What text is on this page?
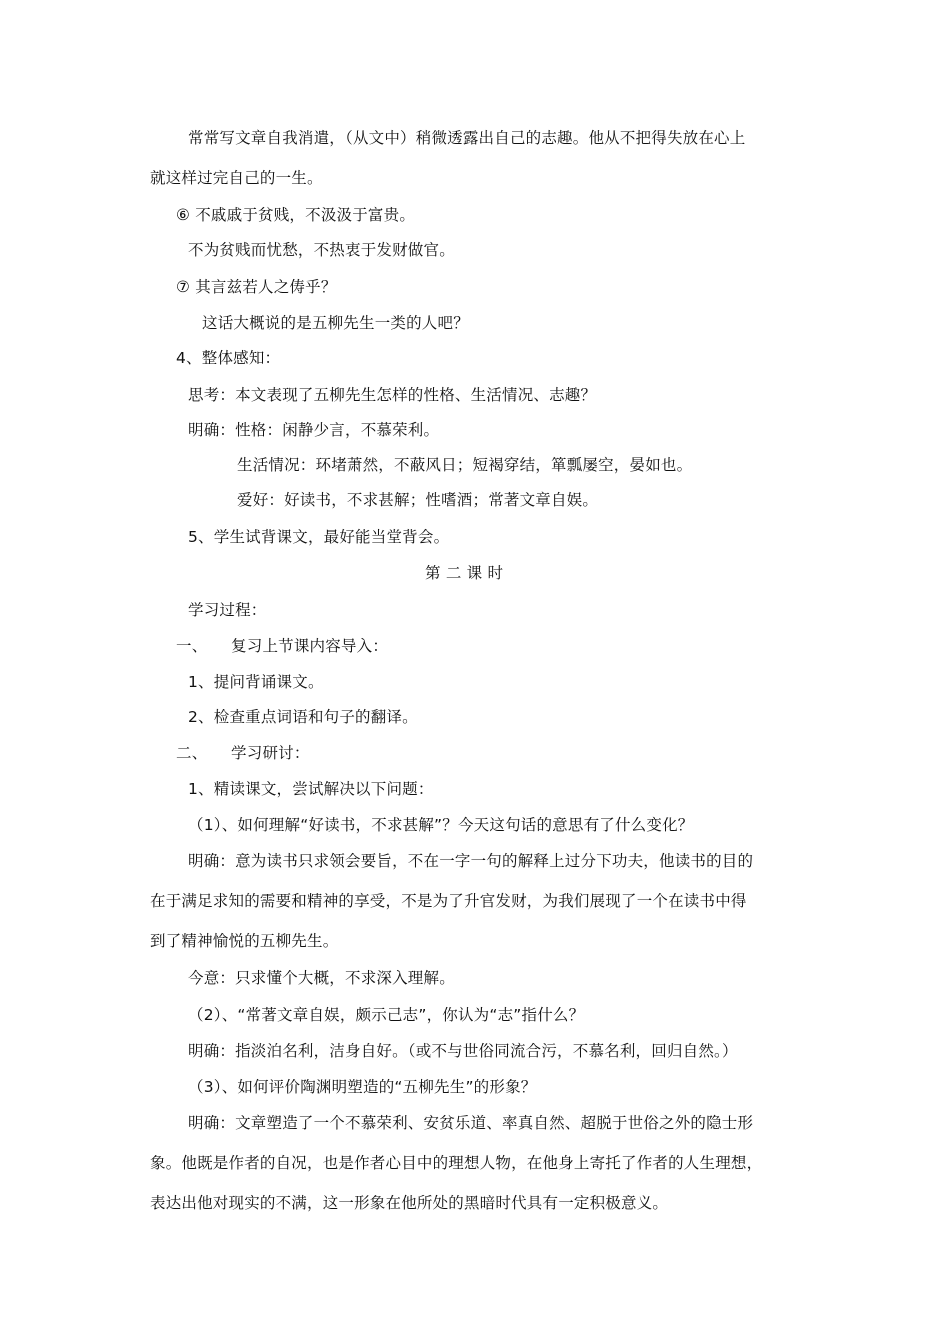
常常写文章自我消遣，（从文中）稍微透露出自己的志趣。他从不把得失放在心上
就这样过完自己的一生。
⑥ 不戚戚于贫贱，不汲汲于富贵。
不为贫贱而忧愁，不热衷于发财做官。
⑦ 其言兹若人之俦乎？
这话大概说的是五柳先生一类的人吧？
4、整体感知：
思考：本文表现了五柳先生怎样的性格、生活情况、志趣？
明确：性格：闲静少言，不慕荣利。
生活情况：环堵萧然，不蔽风日；短褐穿结，箪瓢屡空，晏如也。
爱好：好读书，不求甚解；性嗜酒；常著文章自娱。
5、学生试背课文，最好能当堂背会。
第 二 课 时
学习过程：
一、　　复习上节课内容导入：
1、提问背诵课文。
2、检查重点词语和句子的翻译。
二、　　学习研讨：
1、精读课文，尝试解决以下问题：
（1）、如何理解“好读书，不求甚解”？今天这句话的意思有了什么变化？
明确：意为读书只求领会要旨，不在一字一句的解释上过分下功夫，他读书的目的
在于满足求知的需要和精神的享受，不是为了升官发财，为我们展现了一个在读书中得
到了精神愉悦的五柳先生。
今意：只求懂个大概，不求深入理解。
（2）、“常著文章自娱，颇示己志”，你认为“志”指什么？
明确：指淡泊名利，洁身自好。（或不与世俗同流合污，不慕名利，回归自然。）
（3）、如何评价陶渊明塑造的“五柳先生”的形象？
明确：文章塑造了一个不慕荣利、安贫乐道、率真自然、超脱于世俗之外的隐士形
象。他既是作者的自况，也是作者心目中的理想人物，在他身上寄托了作者的人生理想，
表达出他对现实的不满，这一形象在他所处的黑暗时代具有一定积极意义。
